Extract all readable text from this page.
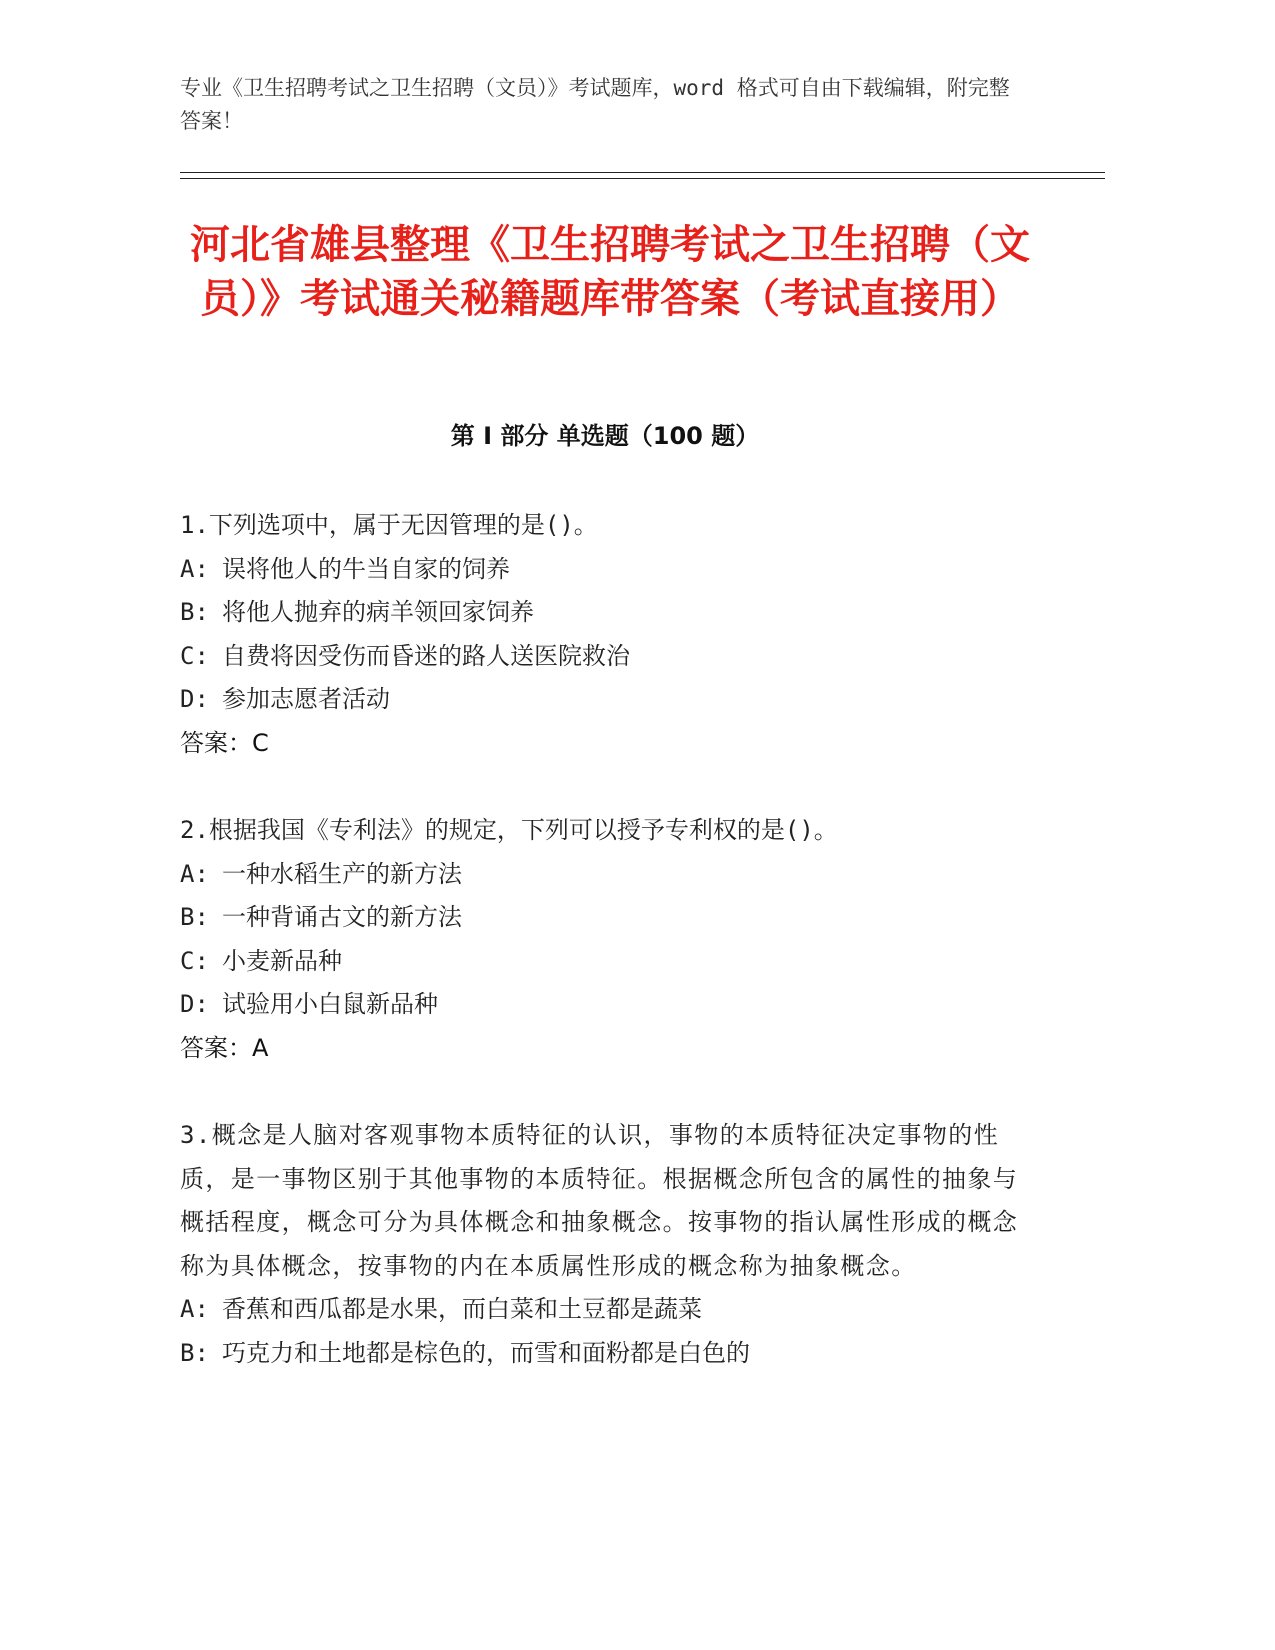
专业《卫生招聘考试之卫生招聘（文员）》考试题库，word 格式可自由下载编辑，附完整答案！

河北省雄县整理《卫生招聘考试之卫生招聘（文员）》考试通关秘籍题库带答案（考试直接用）
第 I 部分 单选题（100 题）

1.下列选项中，属于无因管理的是()。

A: 误将他人的牛当自家的饲养

B: 将他人抛弃的病羊领回家饲养

C: 自费将因受伤而昏迷的路人送医院救治

D: 参加志愿者活动

答案：C

2.根据我国《专利法》的规定，下列可以授予专利权的是()。

A: 一种水稻生产的新方法

B: 一种背诵古文的新方法

C: 小麦新品种

D: 试验用小白鼠新品种

答案：A

3.概念是人脑对客观事物本质特征的认识，事物的本质特征决定事物的性质，是一事物区别于其他事物的本质特征。根据概念所包含的属性的抽象与概括程度，概念可分为具体概念和抽象概念。按事物的指认属性形成的概念称为具体概念，按事物的内在本质属性形成的概念称为抽象概念。

A: 香蕉和西瓜都是水果，而白菜和土豆都是蔬菜

B: 巧克力和土地都是棕色的，而雪和面粉都是白色的
